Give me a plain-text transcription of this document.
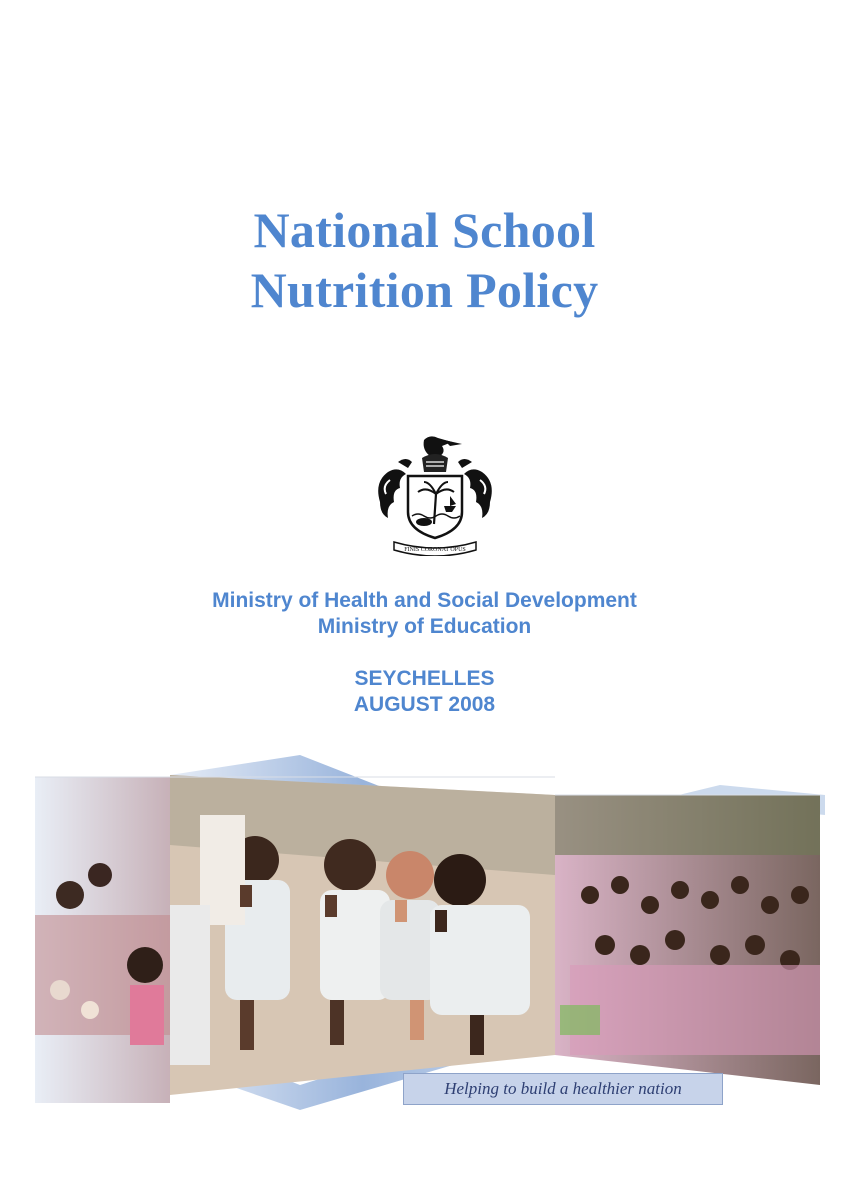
National School
Nutrition Policy
FINIS CORONAT OPUS
Ministry of Health and Social Development
Ministry of Education
SEYCHELLES
AUGUST 2008
Helping to build a healthier nation
